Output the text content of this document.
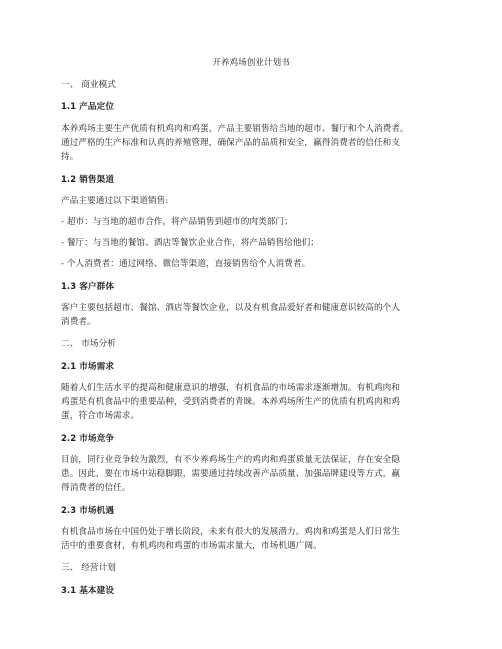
开养鸡场创业计划书
一、 商业模式
1.1 产品定位
本养鸡场主要生产优质有机鸡肉和鸡蛋，产品主要销售给当地的超市、餐厅和个人消费者。
通过严格的生产标准和认真的养殖管理，确保产品的品质和安全，赢得消费者的信任和支
持。
1.2 销售渠道
产品主要通过以下渠道销售:
- 超市：与当地的超市合作，将产品销售到超市的肉类部门；
- 餐厅：与当地的餐馆、酒店等餐饮企业合作，将产品销售给他们；
- 个人消费者：通过网络、微信等渠道，直接销售给个人消费者。
1.3 客户群体
客户主要包括超市、餐馆、酒店等餐饮企业，以及有机食品爱好者和健康意识较高的个人
消费者。
二、 市场分析
2.1 市场需求
随着人们生活水平的提高和健康意识的增强，有机食品的市场需求逐渐增加。有机鸡肉和
鸡蛋是有机食品中的重要品种，受到消费者的青睐。本养鸡场所生产的优质有机鸡肉和鸡
蛋，符合市场需求。
2.2 市场竞争
目前，同行业竞争较为激烈，有不少养鸡场生产的鸡肉和鸡蛋质量无法保证，存在安全隐
患。因此，要在市场中站稳脚跟，需要通过持续改善产品质量、加强品牌建设等方式，赢
得消费者的信任。
2.3 市场机遇
有机食品市场在中国仍处于增长阶段，未来有很大的发展潜力。鸡肉和鸡蛋是人们日常生
活中的重要食材，有机鸡肉和鸡蛋的市场需求量大，市场机遇广阔。
三、 经营计划
3.1 基本建设
